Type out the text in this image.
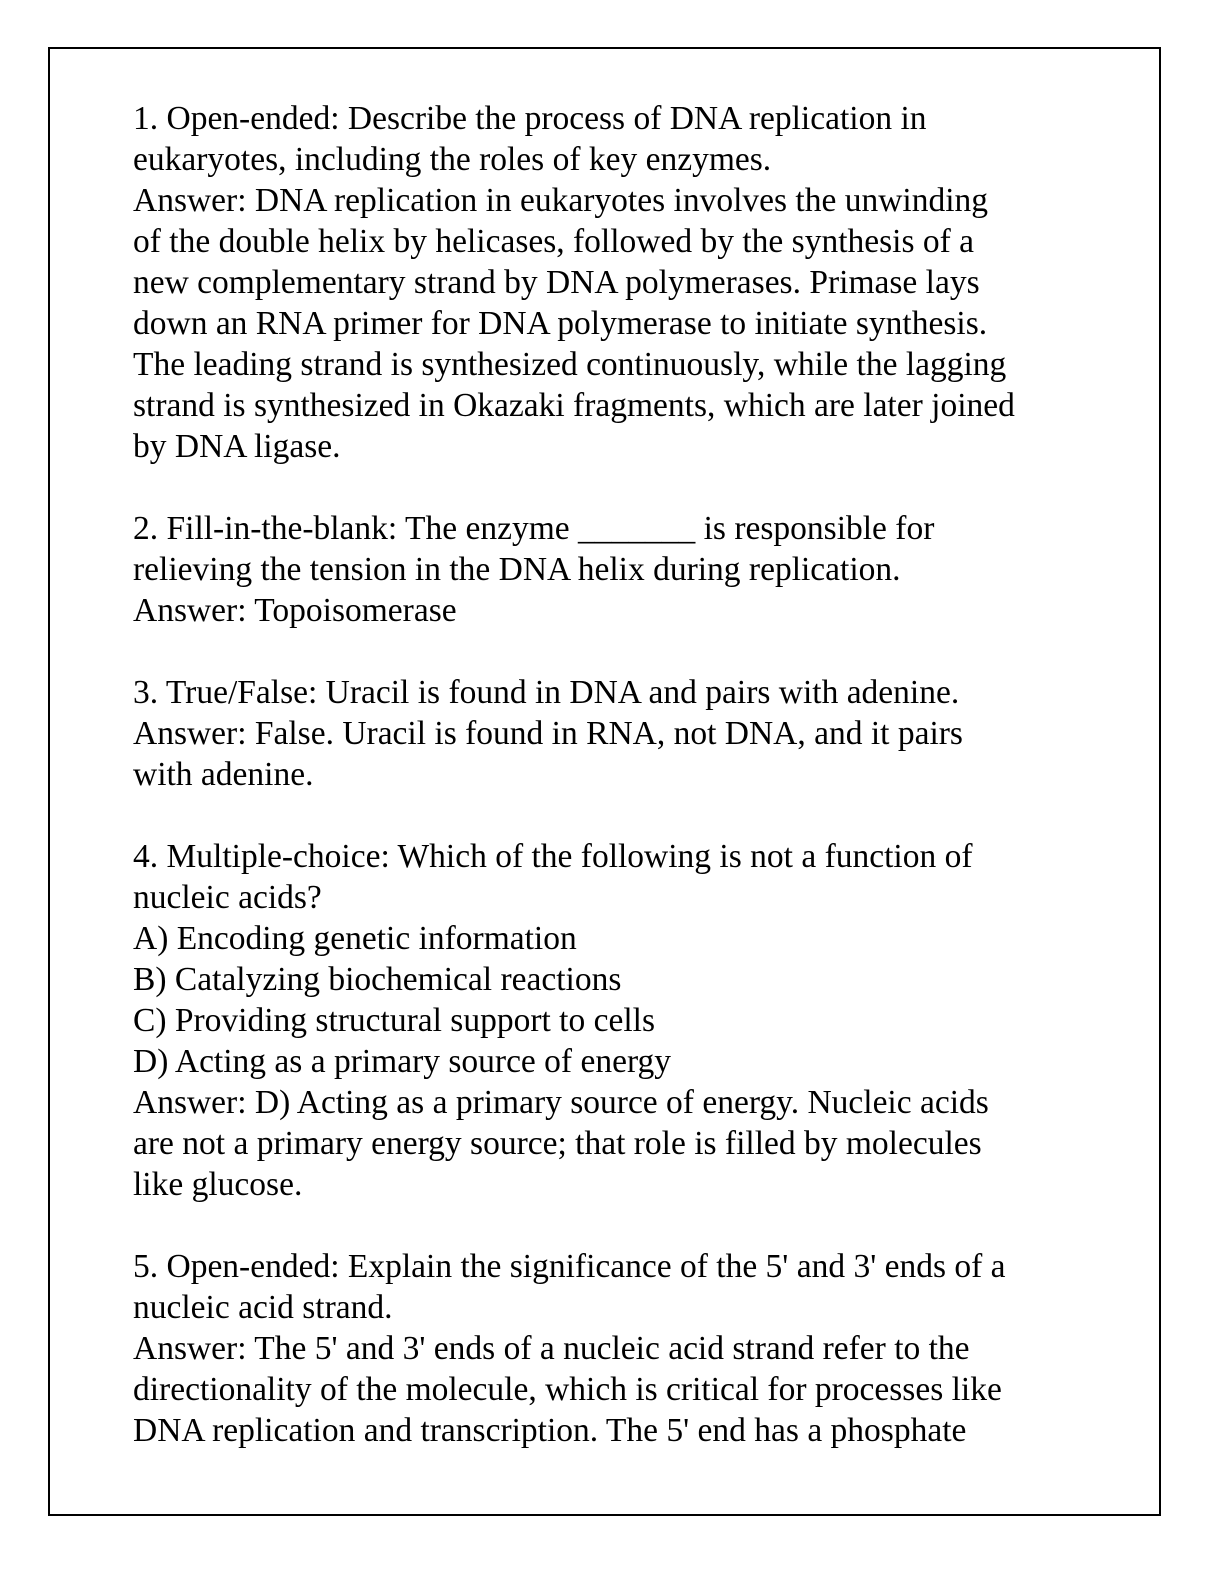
1. Open-ended: Describe the process of DNA replication in
eukaryotes, including the roles of key enzymes.
Answer: DNA replication in eukaryotes involves the unwinding
of the double helix by helicases, followed by the synthesis of a
new complementary strand by DNA polymerases. Primase lays
down an RNA primer for DNA polymerase to initiate synthesis.
The leading strand is synthesized continuously, while the lagging
strand is synthesized in Okazaki fragments, which are later joined
by DNA ligase.
2. Fill-in-the-blank: The enzyme _______ is responsible for
relieving the tension in the DNA helix during replication.
Answer: Topoisomerase
3. True/False: Uracil is found in DNA and pairs with adenine.
Answer: False. Uracil is found in RNA, not DNA, and it pairs
with adenine.
4. Multiple-choice: Which of the following is not a function of
nucleic acids?
A) Encoding genetic information
B) Catalyzing biochemical reactions
C) Providing structural support to cells
D) Acting as a primary source of energy
Answer: D) Acting as a primary source of energy. Nucleic acids
are not a primary energy source; that role is filled by molecules
like glucose.
5. Open-ended: Explain the significance of the 5' and 3' ends of a
nucleic acid strand.
Answer: The 5' and 3' ends of a nucleic acid strand refer to the
directionality of the molecule, which is critical for processes like
DNA replication and transcription. The 5' end has a phosphate
